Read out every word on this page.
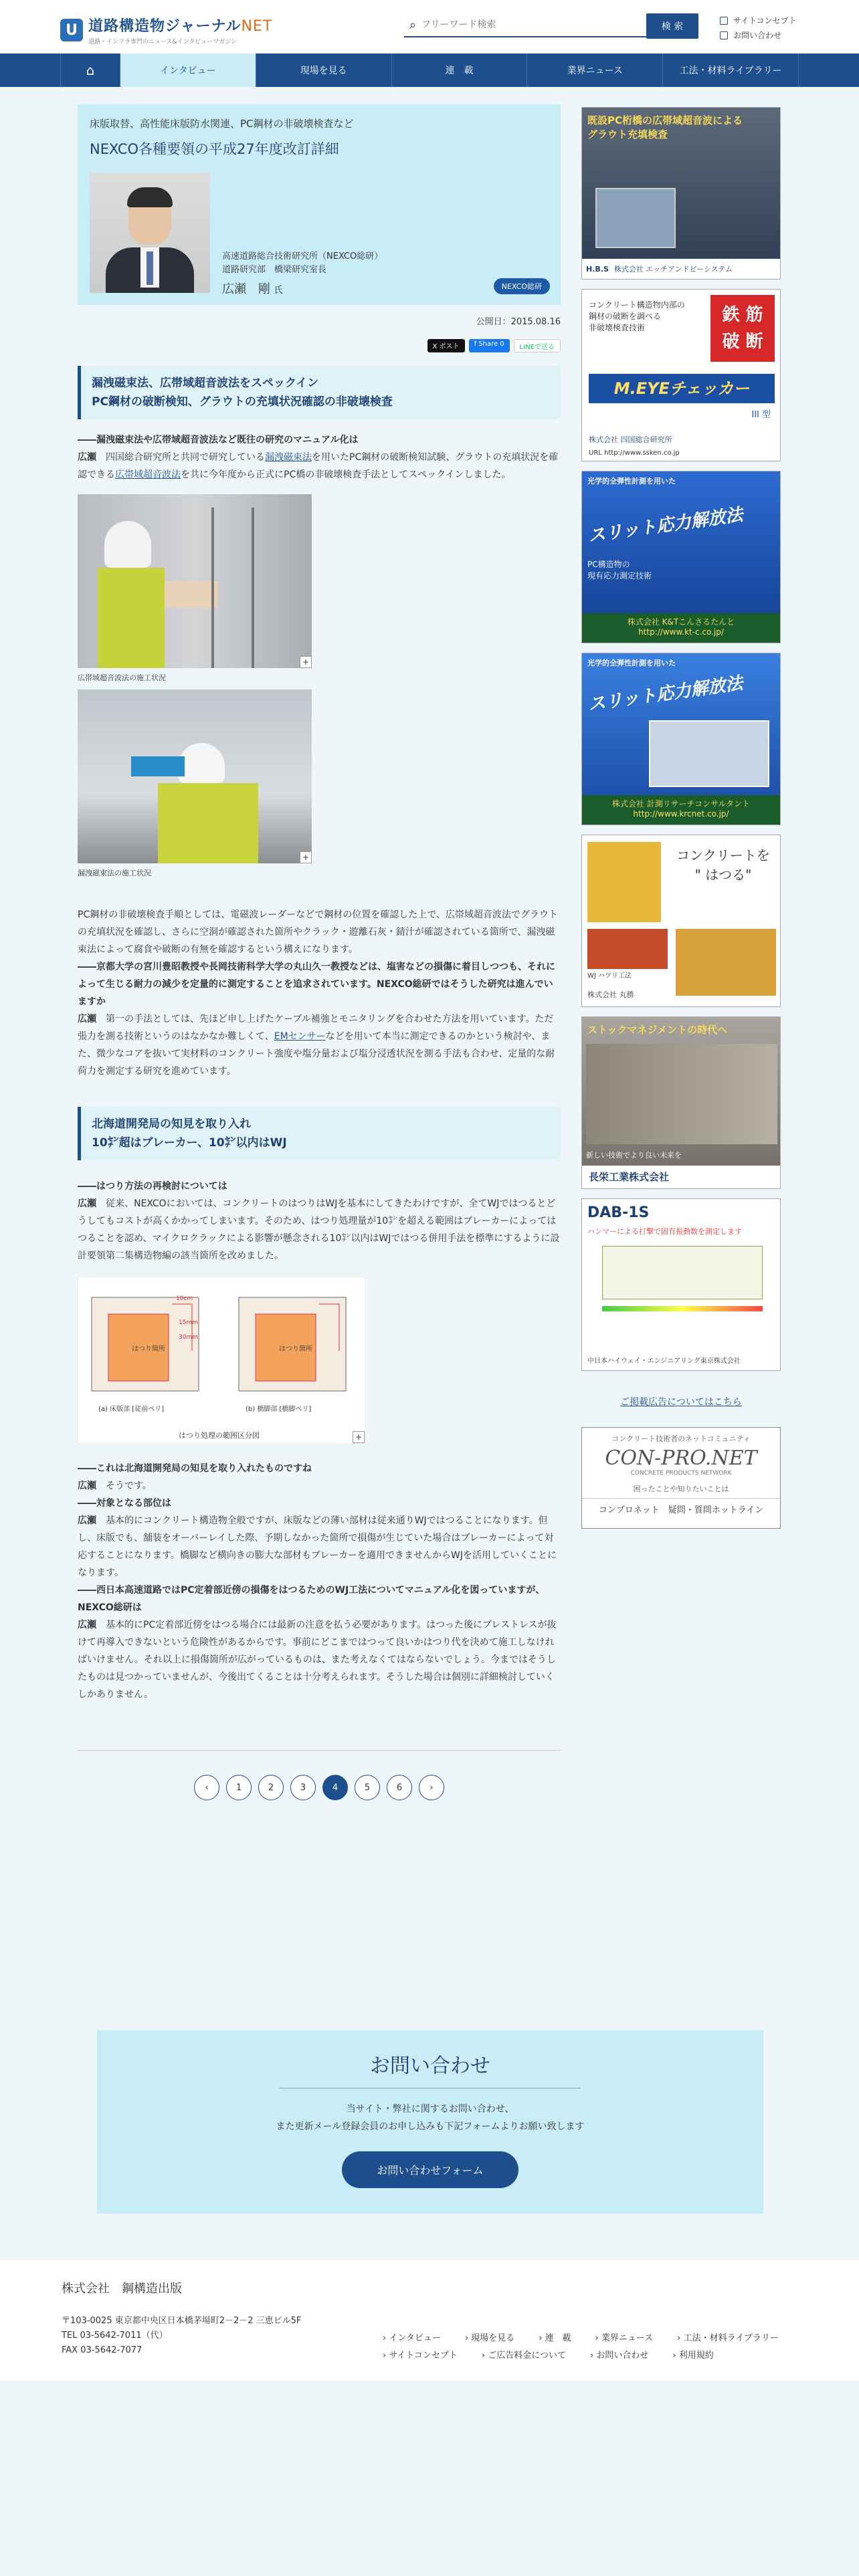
U 道路構造物ジャーナルNET
道路・インフラ専門のニュース&インタビューマガジン
⌕
フリーワード検索	検 索
サイトコンセプト
お問い合わせ
⌂	インタビュー	現場を見る	連　載	業界ニュース	工法・材料ライブラリー
床版取替、高性能床版防水関連、PC鋼材の非破壊検査など
NEXCO各種要領の平成27年度改訂詳細
高速道路総合技術研究所（NEXCO総研）
道路研究部　橋梁研究室長
広瀬　剛 氏	NEXCO総研
公開日：2015.08.16
X ポスト	f Share 0	LINEで送る
漏洩磁束法、広帯域超音波法をスペックイン
PC鋼材の破断検知、グラウトの充填状況確認の非破壊検査
――漏洩磁束法や広帯域超音波法など既往の研究のマニュアル化は
広瀬　 四国総合研究所と共同で研究している漏洩磁束法を用いたPC鋼材の破断検知試験、グラウトの充填状況を確認できる広帯域超音波法を共に今年度から正式にPC橋の非破壊検査手法としてスペックインしました。
+
広帯域超音波法の施工状況
+
漏洩磁束法の施工状況
PC鋼材の非破壊検査手順としては、電磁波レーダーなどで鋼材の位置を確認した上で、広帯域超音波法でグラウトの充填状況を確認し、さらに空洞が確認された箇所やクラック・遊離石灰・錆汁が確認されている箇所で、漏洩磁束法によって腐食や破断の有無を確認するという構えになります。
――京都大学の宮川豊昭教授や長岡技術科学大学の丸山久一教授などは、塩害などの損傷に着目しつつも、それによって生じる耐力の減少を定量的に測定することを追求されています。NEXCO総研ではそうした研究は進んでいますか
広瀬　 第一の手法としては、先ほど申し上げたケーブル補強とモニタリングを合わせた方法を用いています。ただ張力を測る技術というのはなかなか難しくて、EMセンサーなどを用いて本当に測定できるのかという検討や、また、微少なコアを抜いて実材料のコンクリート強度や塩分量および塩分浸透状況を測る手法も合わせ、定量的な耐荷力を測定する研究を進めています。
北海道開発局の知見を取り入れ
10㌢超はブレーカー、10㌢以内はWJ
――はつり方法の再検討については
広瀬　 従来、NEXCOにおいては、コンクリートのはつりはWJを基本にしてきたわけですが、全てWJではつるとどうしてもコストが高くかかってしまいます。そのため、はつり処理量が10㌢を超える範囲はブレーカーによってはつることを認め、マイクロクラックによる影響が懸念される10㌢以内はWJではつる併用手法を標準にするように設計要領第二集構造物編の該当箇所を改めました。
はつり箇所	はつり箇所
10cm
15mm
30mm
(a) 床版部 [従前ペリ]	(b) 橋脚部 [橋脚ペリ]
はつり処理の範囲区分図	+
――これは北海道開発局の知見を取り入れたものですね
広瀬　 そうです。
――対象となる部位は
広瀬　 基本的にコンクリート構造物全般ですが、床版などの薄い部材は従来通りWJではつることになります。但し、床版でも、舗装をオーバーレイした際、予期しなかった箇所で損傷が生じていた場合はブレーカーによって対応することになります。橋脚など横向きの膨大な部材もブレーカーを適用できませんからWJを活用していくことになります。
――西日本高速道路ではPC定着部近傍の損傷をはつるためのWJ工法についてマニュアル化を図っていますが、NEXCO総研は
広瀬　 基本的にPC定着部近傍をはつる場合には最新の注意を払う必要があります。はつった後にプレストレスが抜けて再導入できないという危険性があるからです。事前にどこまではつって良いかはつり代を決めて施工しなければいけません。それ以上に損傷箇所が広がっているものは、また考えなくてはならないでしょう。今まではそうしたものは見つかっていませんが、今後出てくることは十分考えられます。そうした場合は個別に詳細検討していくしかありません。
‹	1	2	3	4	5	6	›
既設PC桁橋の広帯域超音波による
グラウト充填検査
H.B.S 株式会社 エッチアンドビーシステム
コンクリート構造物内部の
鋼材の破断を調べる
非破壊検査技術
鉄 筋 破 断
M.EYEチェッカー
III 型
株式会社 四国総合研究所
URL http://www.ssken.co.jp
光学的全弾性計測を用いた
スリット応力解放法
PC構造物の
現有応力測定技術
株式会社 K&Tこんさるたんと
http://www.kt-c.co.jp/
光学的全弾性計測を用いた
スリット応力解放法
株式会社 計測リサーチコンサルタント
http://www.krcnet.co.jp/
コンクリートを
" はつる"
株式会社 丸勝
WJ ハツリ工法
ストックマネジメントの時代へ
新しい技術でより良い未来を
長栄工業株式会社
DAB-1S
ハンマーによる打撃で固有振動数を測定します
中日本ハイウェイ・エンジニアリング東京株式会社
ご掲載広告についてはこちら
コンクリート技術者のネットコミュニティ
CON-PRO.NET
CONCRETE PRODUCTS NETWORK
困ったことや知りたいことは
コンプロネット　疑問・質問ホットライン
お問い合わせ

当サイト・弊社に関するお問い合わせ、
また更新メール登録会員のお申し込みも下記フォームよりお願い致します

お問い合わせフォーム
株式会社　鋼構造出版
〒103-0025 東京都中央区日本橋茅場町2－2－2 三恵ビル5F
TEL 03-5642-7011（代）
FAX 03-5642-7077
› インタビュー	› 現場を見る	› 連　載	› 業界ニュース	› 工法・材料ライブラリー
› サイトコンセプト	› ご広告料金について	› お問い合わせ	› 利用規約
